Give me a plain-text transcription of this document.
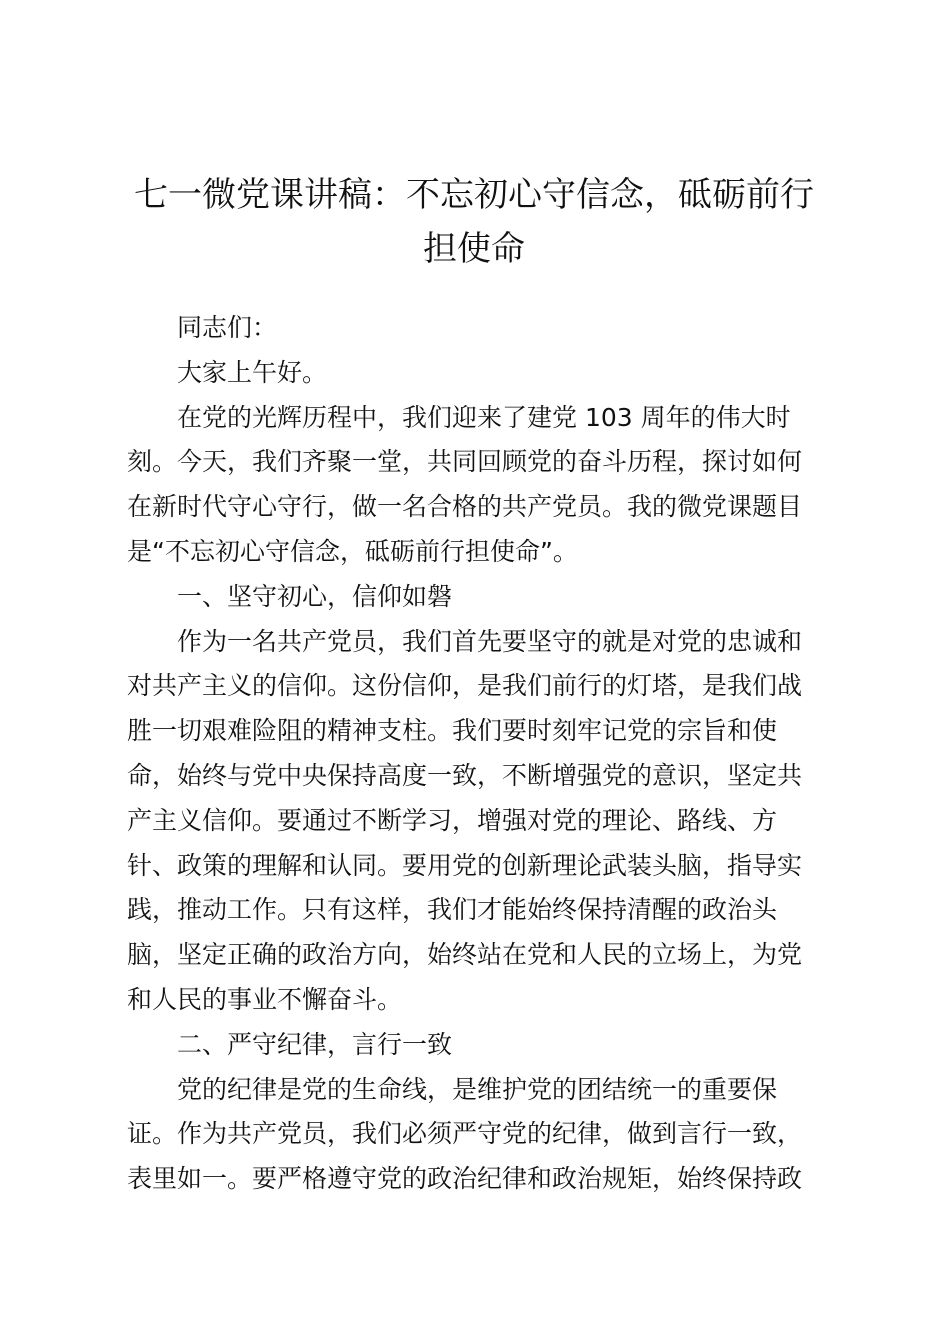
七一微党课讲稿：不忘初心守信念，砥砺前行
担使命

同志们：

大家上午好。

在党的光辉历程中，我们迎来了建党 103 周年的伟大时
刻。今天，我们齐聚一堂，共同回顾党的奋斗历程，探讨如何
在新时代守心守行，做一名合格的共产党员。我的微党课题目
是“不忘初心守信念，砥砺前行担使命”。

一、坚守初心，信仰如磐

作为一名共产党员，我们首先要坚守的就是对党的忠诚和
对共产主义的信仰。这份信仰，是我们前行的灯塔，是我们战
胜一切艰难险阻的精神支柱。我们要时刻牢记党的宗旨和使
命，始终与党中央保持高度一致，不断增强党的意识，坚定共
产主义信仰。要通过不断学习，增强对党的理论、路线、方
针、政策的理解和认同。要用党的创新理论武装头脑，指导实
践，推动工作。只有这样，我们才能始终保持清醒的政治头
脑，坚定正确的政治方向，始终站在党和人民的立场上，为党
和人民的事业不懈奋斗。

二、严守纪律，言行一致

党的纪律是党的生命线，是维护党的团结统一的重要保
证。作为共产党员，我们必须严守党的纪律，做到言行一致，
表里如一。要严格遵守党的政治纪律和政治规矩，始终保持政
